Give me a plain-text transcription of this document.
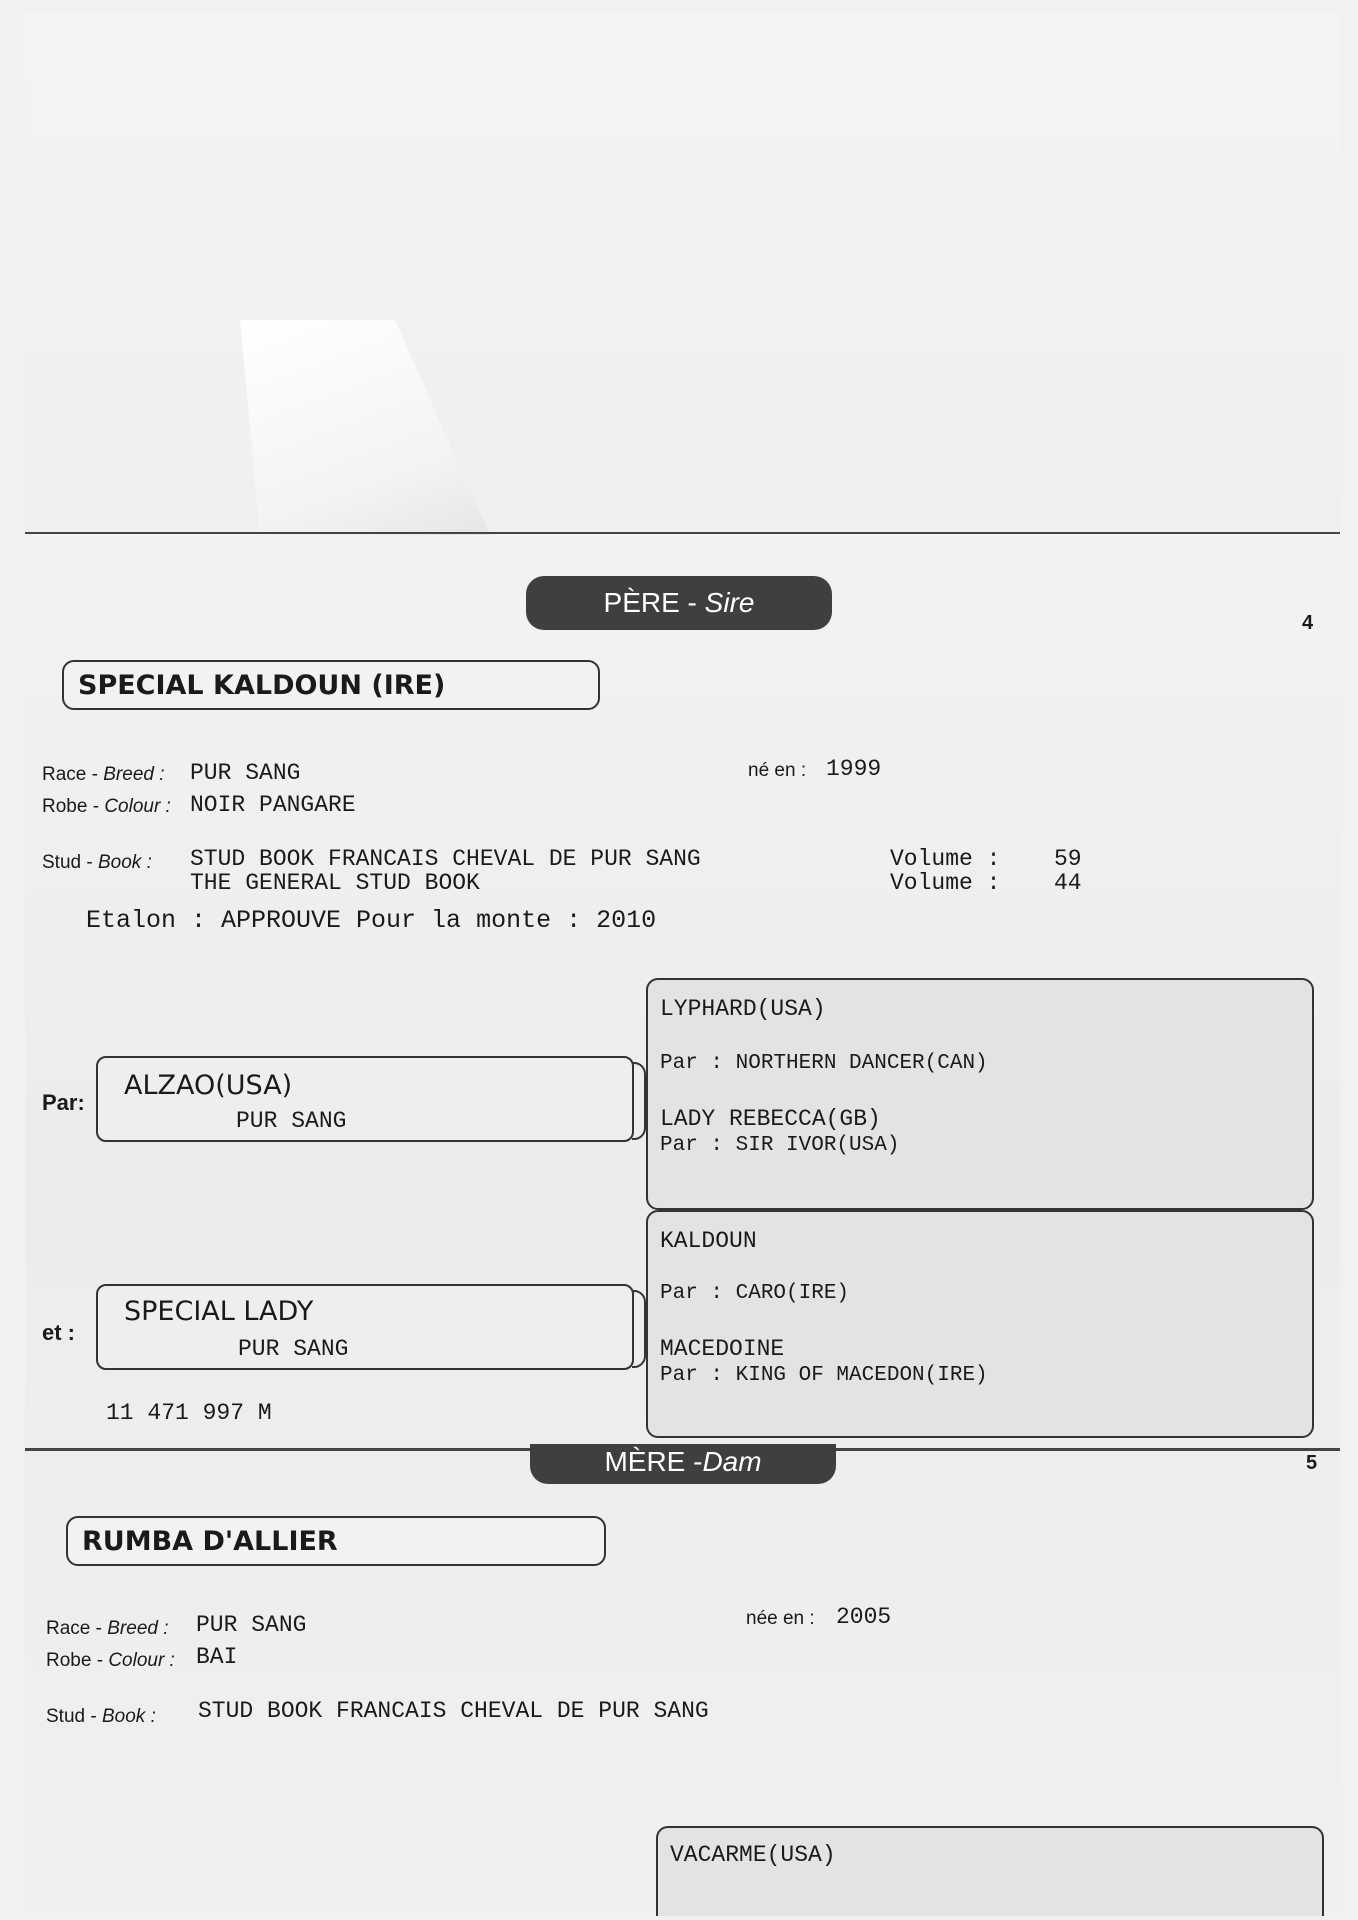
PÈRE - Sire
4
SPECIAL KALDOUN (IRE)
Race - Breed : PUR SANG
Robe - Colour : NOIR PANGARE
né en : 1999
Stud - Book : STUD BOOK FRANCAIS CHEVAL DE PUR SANG	Volume : 59
THE GENERAL STUD BOOK	Volume : 44
Etalon : APPROUVE Pour la monte : 2010
LYPHARD(USA)
Par : NORTHERN DANCER(CAN)
LADY REBECCA(GB)
Par : SIR IVOR(USA)
KALDOUN
Par : CARO(IRE)
MACEDOINE
Par : KING OF MACEDON(IRE)
Par:
ALZAO(USA)
PUR SANG
et :
SPECIAL LADY
PUR SANG
11 471 997 M
MÈRE -Dam	5
RUMBA D'ALLIER
Race - Breed : PUR SANG
Robe - Colour : BAI
née en : 2005
Stud - Book : STUD BOOK FRANCAIS CHEVAL DE PUR SANG
VACARME(USA)
